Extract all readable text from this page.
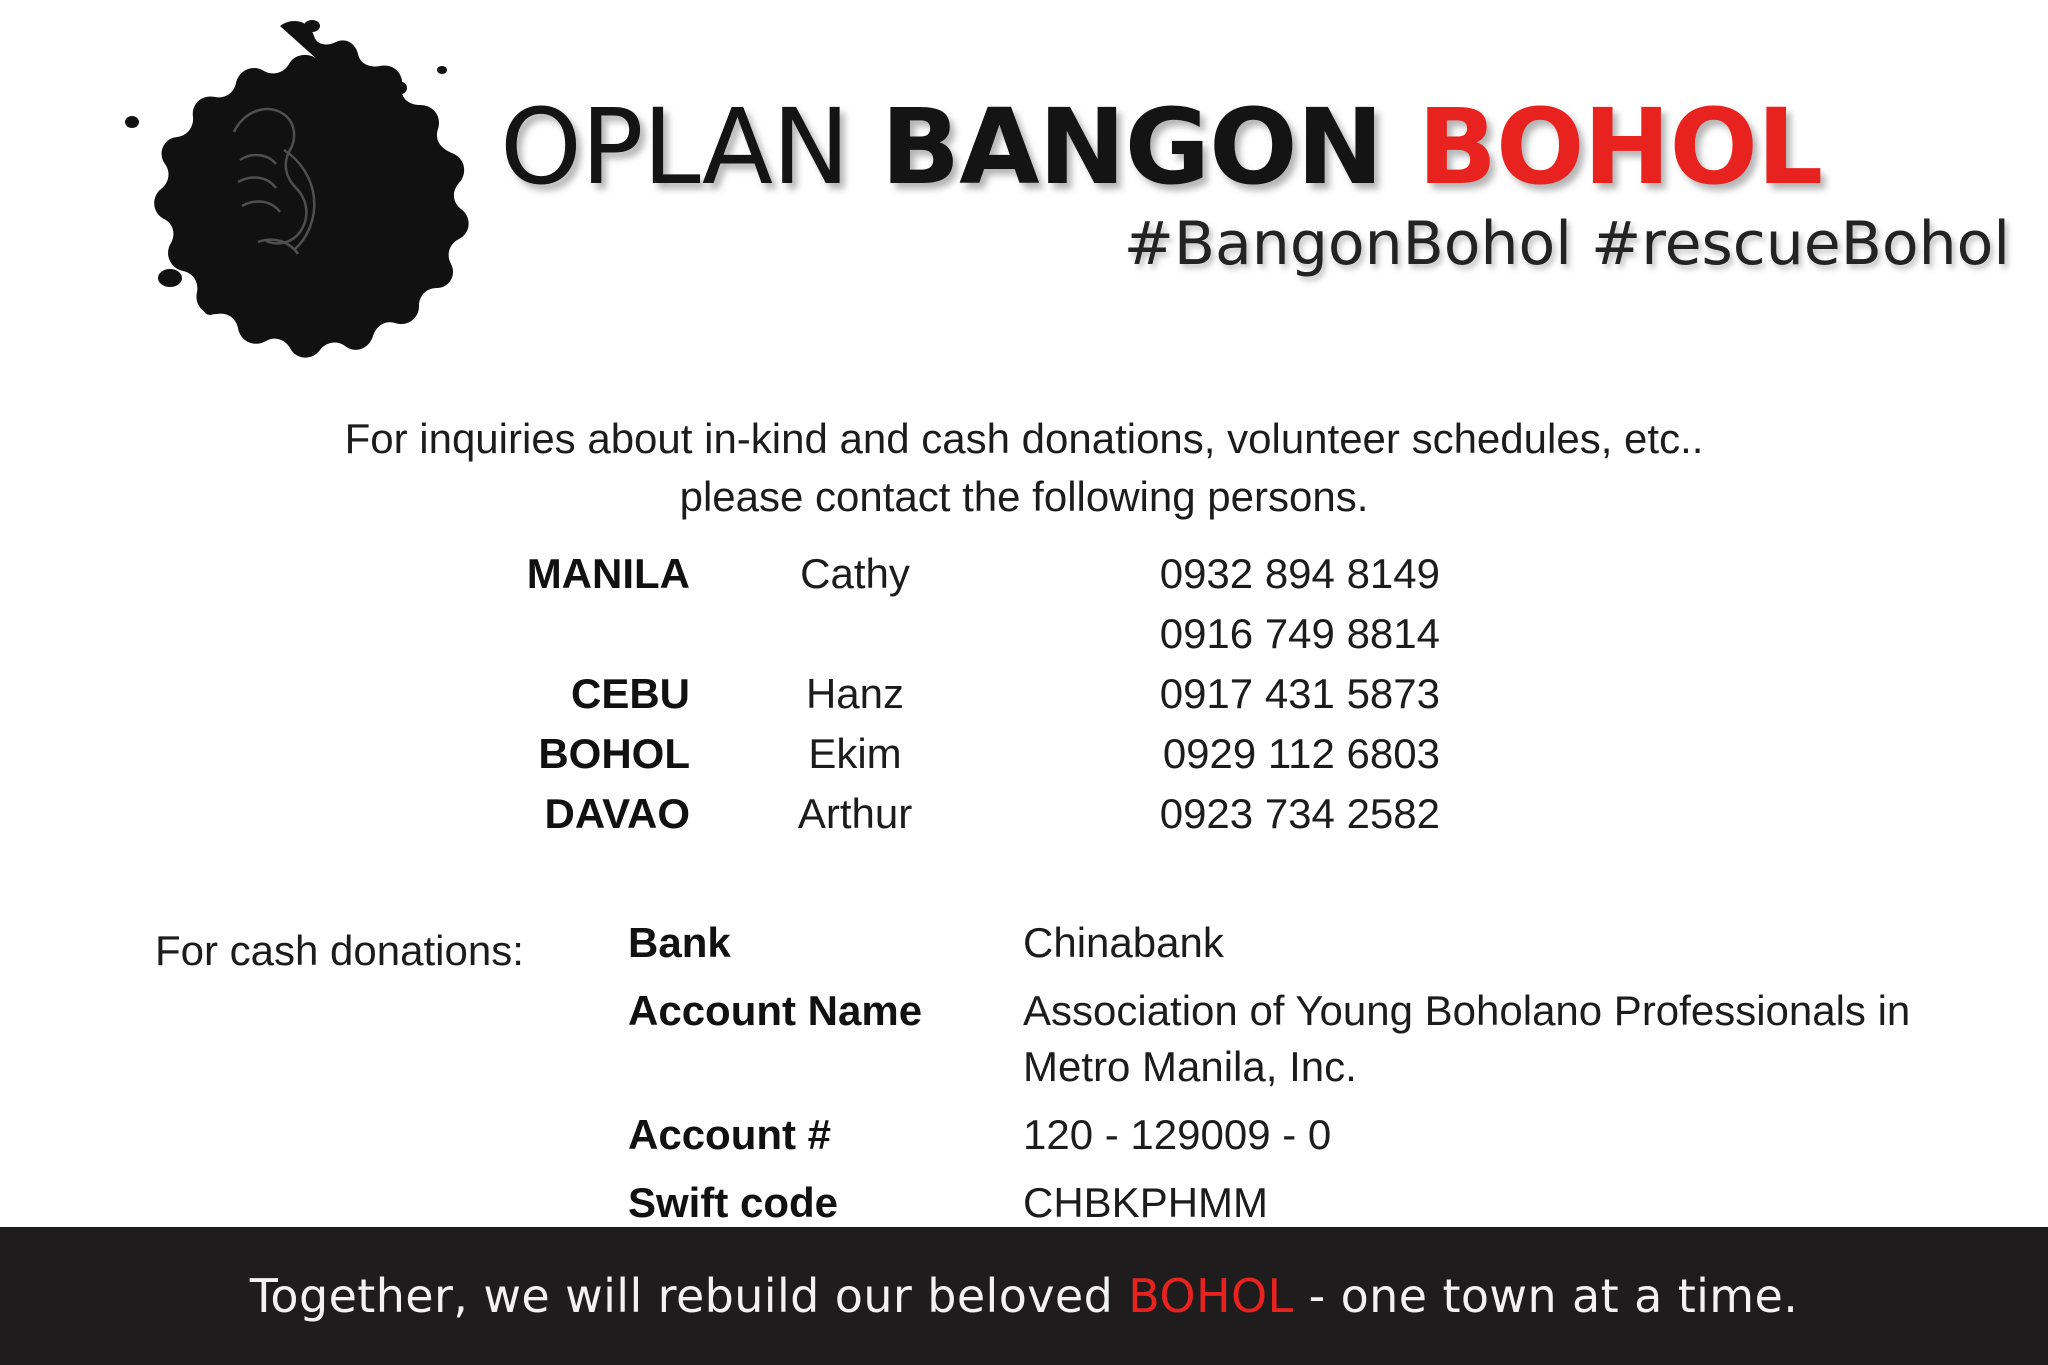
OPLAN BANGON BOHOL
#BangonBohol #rescueBohol
For inquiries about in-kind and cash donations, volunteer schedules, etc..
please contact the following persons.
MANILA	Cathy	0932 894 8149
0916 749 8814
CEBU	Hanz	0917 431 5873
BOHOL	Ekim	0929 112 6803
DAVAO	Arthur	0923 734 2582
For cash donations: Bank	Chinabank
Account Name	Association of Young Boholano Professionals in Metro Manila, Inc.
Account #	120 - 129009 - 0
Swift code	CHBKPHMM
Together, we will rebuild our beloved BOHOL - one town at a time.
